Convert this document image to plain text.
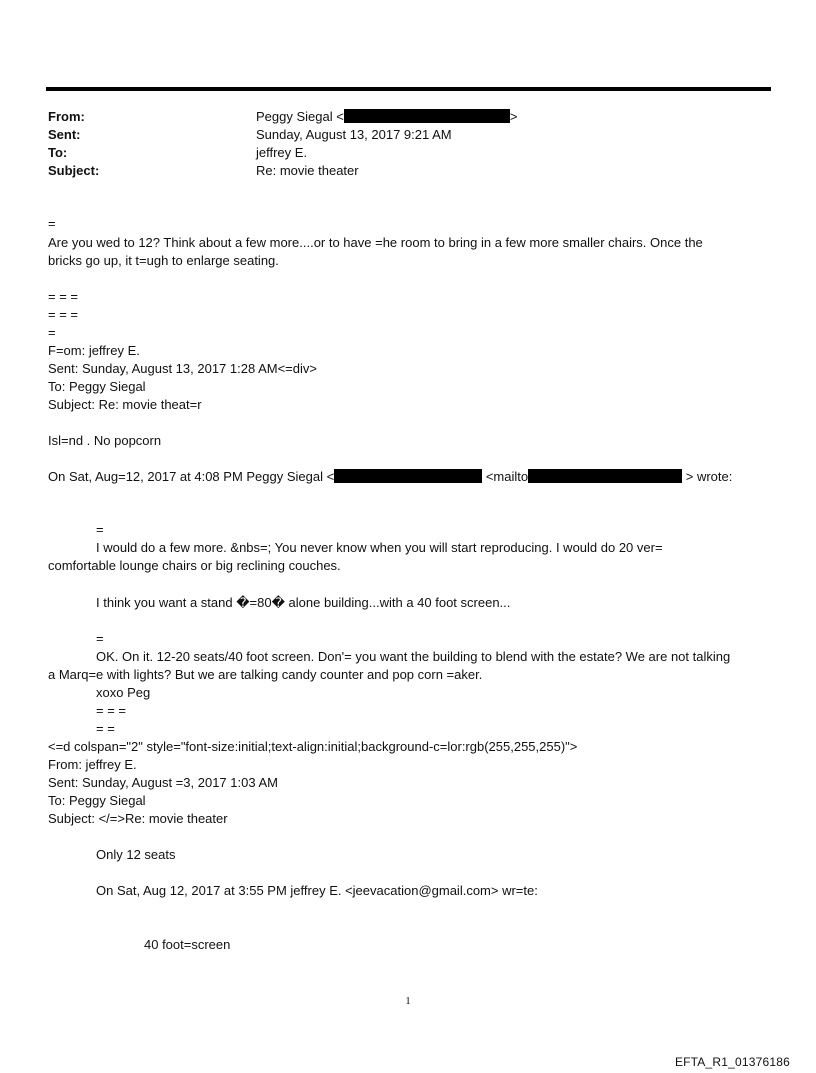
From:	Peggy Siegal <	>
Sent:	Sunday, August 13, 2017 9:21 AM
To:	jeffrey E.
Subject:	Re: movie theater
=
Are you wed to 12? Think about a few more....or to have =he room to bring in a few more smaller chairs. Once the
bricks go up, it t=ugh to enlarge seating.
= = =
= = =
=
F=om: jeffrey E.
Sent: Sunday, August 13, 2017 1:28 AM<=div>
To: Peggy Siegal
Subject: Re: movie theat=r
Isl=nd . No popcorn
On Sat, Aug=12, 2017 at 4:08 PM Peggy Siegal <	<mailto	> wrote:
=
I would do a few more. &nbs=; You never know when you will start reproducing. I would do 20 ver=
comfortable lounge chairs or big reclining couches.
I think you want a stand �=80� alone building...with a 40 foot screen...
=
OK. On it. 12-20 seats/40 foot screen. Don'= you want the building to blend with the estate? We are not talking
a Marq=e with lights? But we are talking candy counter and pop corn =aker.
xoxo Peg
= = =
= =
<=d colspan="2" style="font-size:initial;text-align:initial;background-c=lor:rgb(255,255,255)">
From: jeffrey E.
Sent: Sunday, August =3, 2017 1:03 AM
To: Peggy Siegal
Subject: </=>Re: movie theater
Only 12 seats
On Sat, Aug 12, 2017 at 3:55 PM jeffrey E. <jeevacation@gmail.com> wr=te:
40 foot=screen
1
EFTA_R1_01376186
